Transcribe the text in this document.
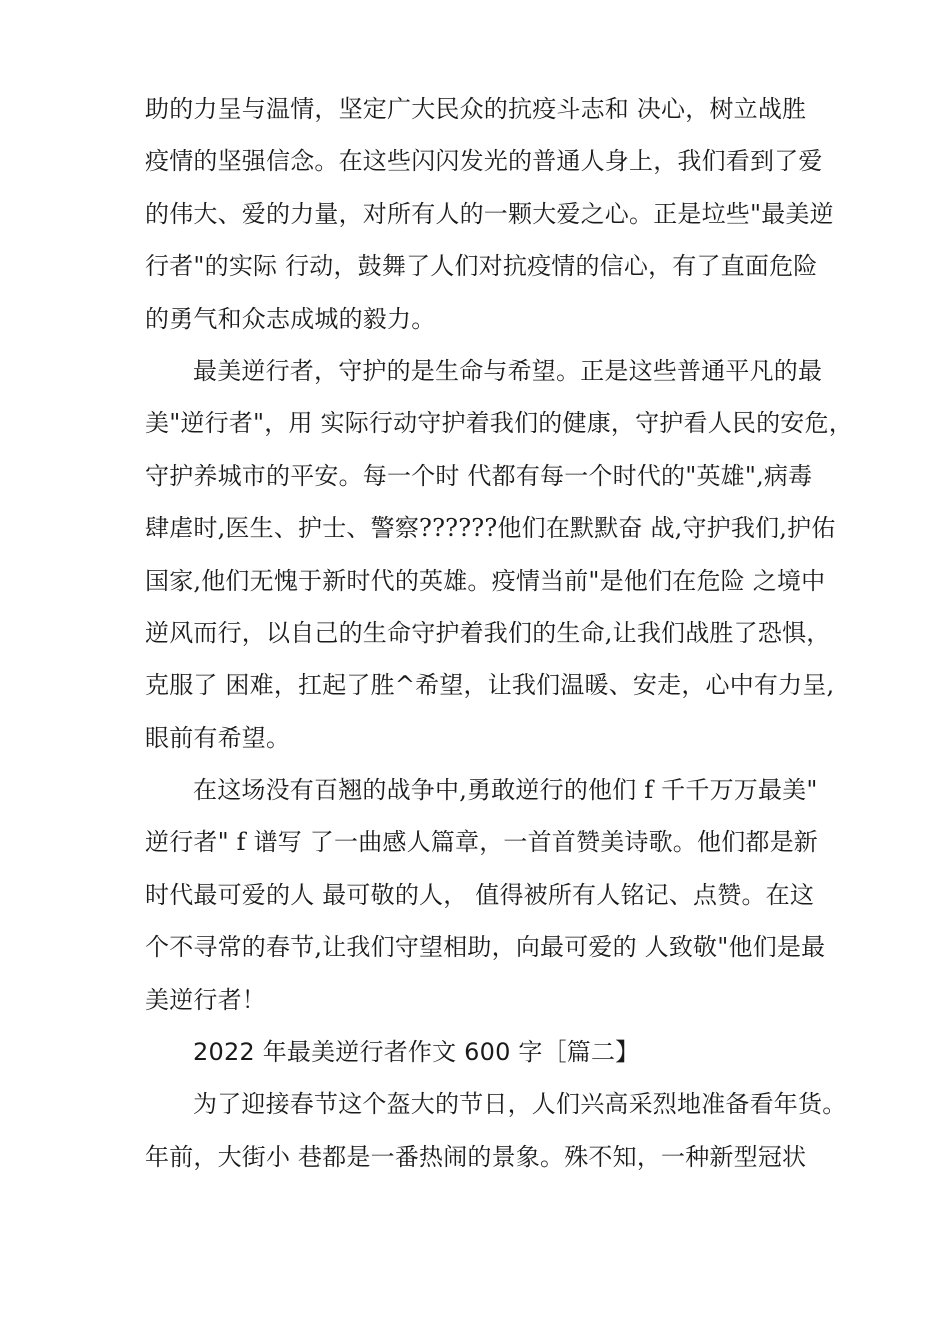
助的力呈与温情，坚定广大民众的抗疫斗志和 决心，树立战胜
疫情的坚强信念。在这些闪闪发光的普通人身上，我们看到了爱
的伟大、爱的力量，对所有人的一颗大爱之心。正是垃些"最美逆
行者"的实际 行动，鼓舞了人们对抗疫情的信心，有了直面危险
的勇气和众志成城的毅力。
最美逆行者，守护的是生命与希望。正是这些普通平凡的最
美"逆行者"，用 实际行动守护着我们的健康，守护看人民的安危，
守护养城市的平安。每一个时 代都有每一个时代的"英雄",病毒
肆虐时,医生、护士、警察??????他们在默默奋 战,守护我们,护佑
国家,他们无愧于新时代的英雄。疫情当前"是他们在危险 之境中
逆风而行，以自己的生命守护着我们的生命,让我们战胜了恐惧，
克服了 困难，扛起了胜^希望，让我们温暖、安走，心中有力呈,
眼前有希望。
在这场没有百翘的战争中,勇敢逆行的他们 f 千千万万最美"
逆行者" f 谱写 了一曲感人篇章，一首首赞美诗歌。他们都是新
时代最可爱的人 最可敬的人， 值得被所有人铭记、点赞。在这
个不寻常的春节,让我们守望相助，向最可爱的 人致敬"他们是最
美逆行者！
2022 年最美逆行者作文 600 字［篇二】
为了迎接春节这个盔大的节日，人们兴高采烈地准备看年货。
年前，大街小 巷都是一番热闹的景象。殊不知，一种新型冠状
